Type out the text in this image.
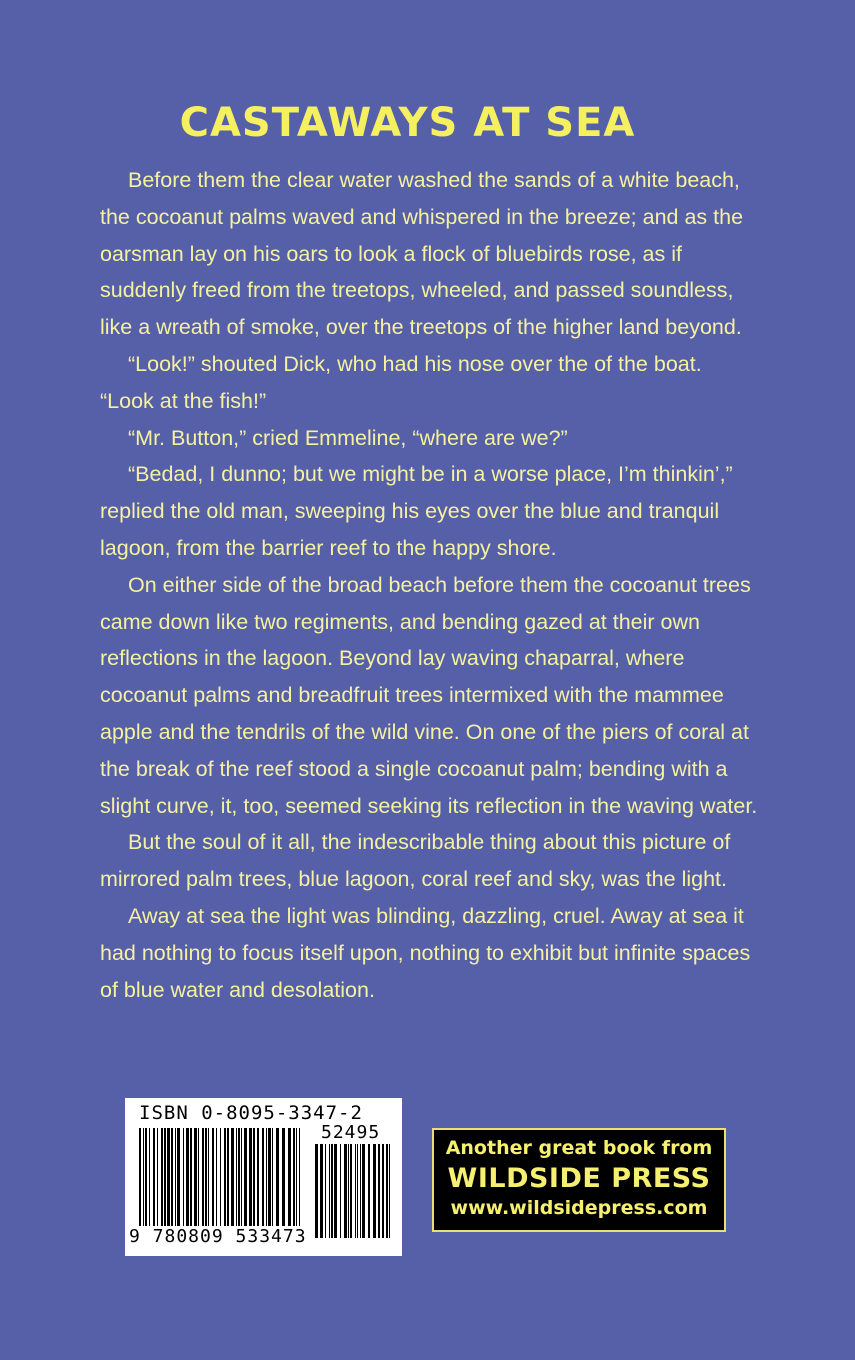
CASTAWAYS AT SEA

Before them the clear water washed the sands of a white beach, the cocoanut palms waved and whispered in the breeze; and as the oarsman lay on his oars to look a flock of bluebirds rose, as if suddenly freed from the treetops, wheeled, and passed soundless, like a wreath of smoke, over the treetops of the higher land beyond.

“Look!” shouted Dick, who had his nose over the of the boat. “Look at the fish!”

“Mr. Button,” cried Emmeline, “where are we?”

“Bedad, I dunno; but we might be in a worse place, I’m thinkin’,” replied the old man, sweeping his eyes over the blue and tranquil lagoon, from the barrier reef to the happy shore.

On either side of the broad beach before them the cocoanut trees came down like two regiments, and bending gazed at their own reflections in the lagoon. Beyond lay waving chaparral, where cocoanut palms and breadfruit trees intermixed with the mammee apple and the tendrils of the wild vine. On one of the piers of coral at the break of the reef stood a single cocoanut palm; bending with a slight curve, it, too, seemed seeking its reflection in the waving water.

But the soul of it all, the indescribable thing about this picture of mirrored palm trees, blue lagoon, coral reef and sky, was the light.

Away at sea the light was blinding, dazzling, cruel. Away at sea it had nothing to focus itself upon, nothing to exhibit but infinite spaces of blue water and desolation.

ISBN 0-8095-3347-2
52495
9 780809 533473
Another great book from
WILDSIDE PRESS
www.wildsidepress.com
